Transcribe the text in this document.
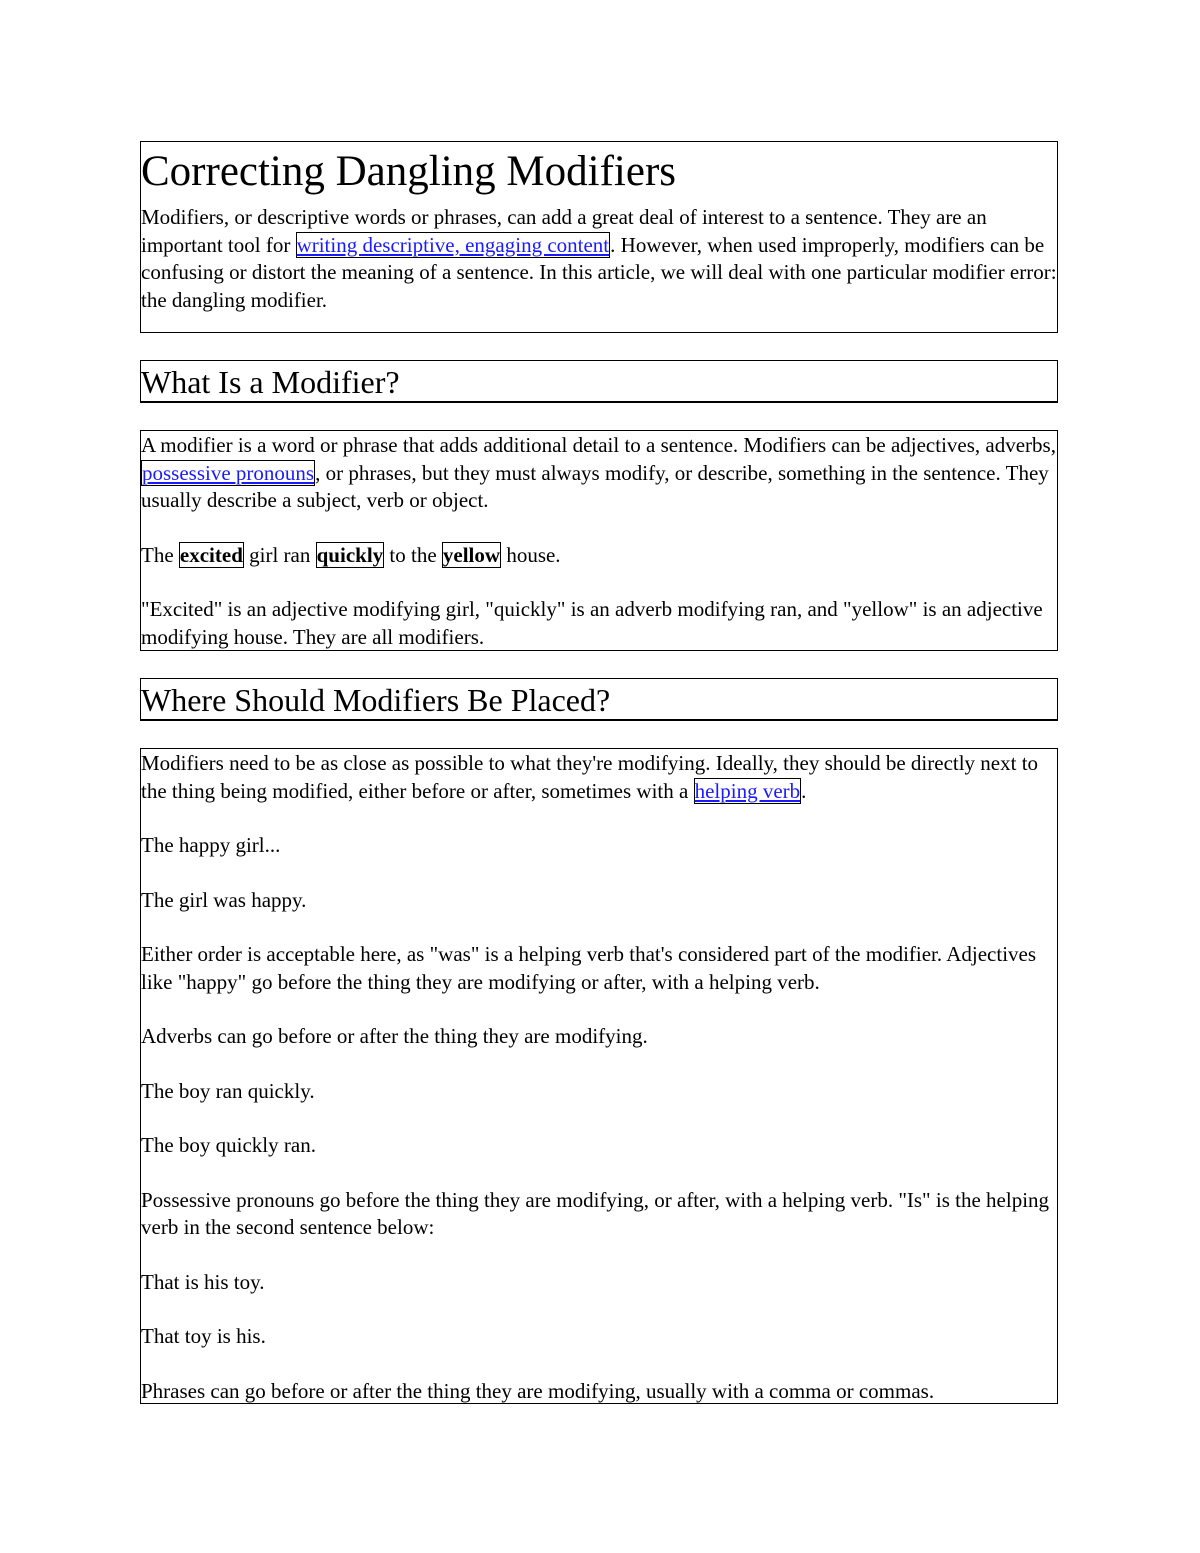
Correcting Dangling Modifiers

Modifiers, or descriptive words or phrases, can add a great deal of interest to a sentence. They are an important tool for writing descriptive, engaging content. However, when used improperly, modifiers can be confusing or distort the meaning of a sentence. In this article, we will deal with one particular modifier error: the dangling modifier.

What Is a Modifier?

A modifier is a word or phrase that adds additional detail to a sentence. Modifiers can be adjectives, adverbs, possessive pronouns, or phrases, but they must always modify, or describe, something in the sentence. They usually describe a subject, verb or object.

The excited girl ran quickly to the yellow house.

"Excited" is an adjective modifying girl, "quickly" is an adverb modifying ran, and "yellow" is an adjective modifying house. They are all modifiers.

Where Should Modifiers Be Placed?

Modifiers need to be as close as possible to what they're modifying. Ideally, they should be directly next to the thing being modified, either before or after, sometimes with a helping verb.

The happy girl...

The girl was happy.

Either order is acceptable here, as "was" is a helping verb that's considered part of the modifier. Adjectives like "happy" go before the thing they are modifying or after, with a helping verb.

Adverbs can go before or after the thing they are modifying.

The boy ran quickly.

The boy quickly ran.

Possessive pronouns go before the thing they are modifying, or after, with a helping verb. "Is" is the helping verb in the second sentence below:

That is his toy.

That toy is his.

Phrases can go before or after the thing they are modifying, usually with a comma or commas.
